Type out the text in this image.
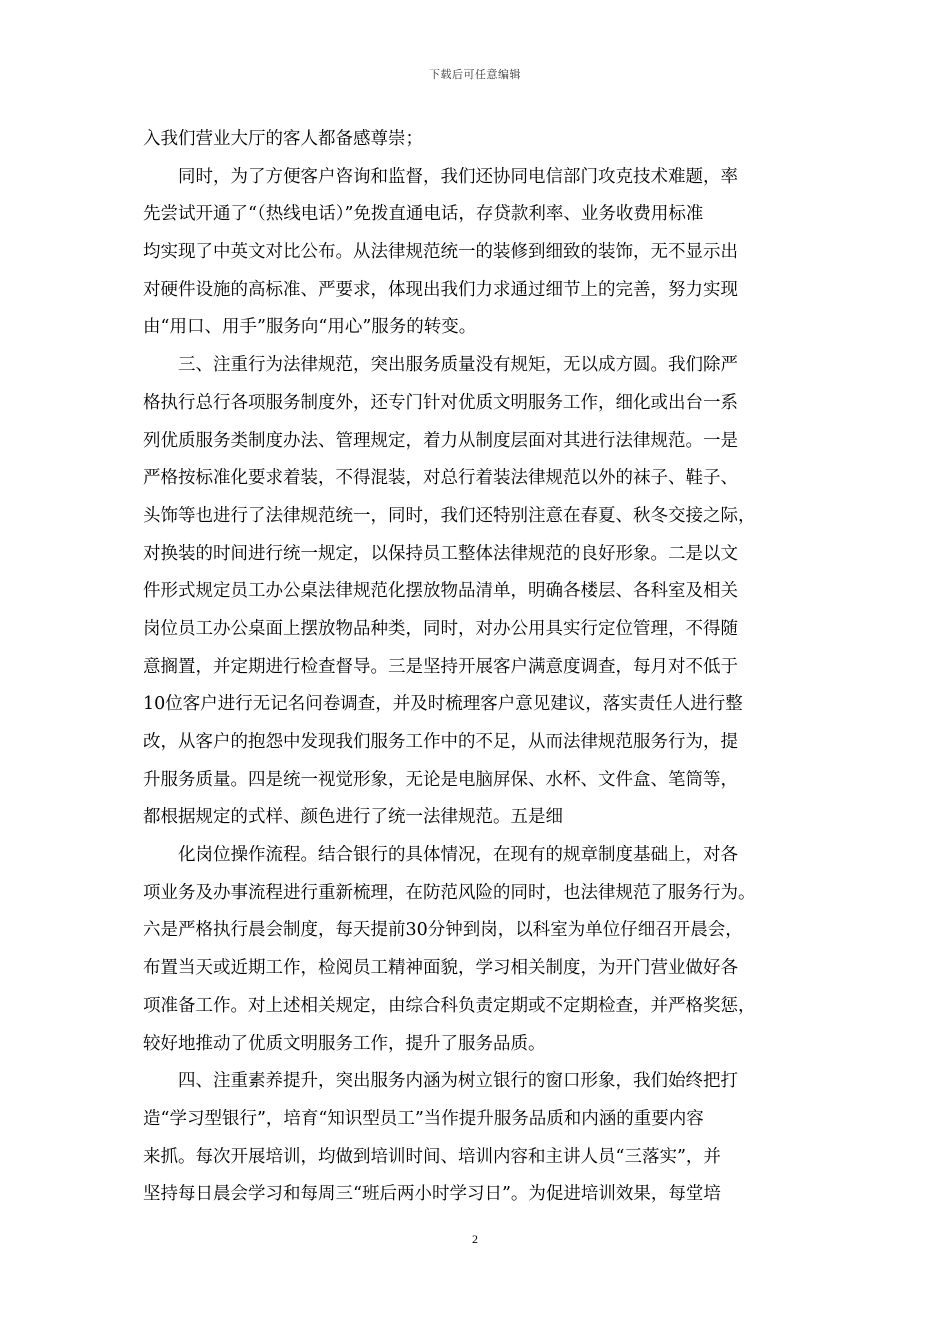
下载后可任意编辑
入我们营业大厅的客人都备感尊崇；
同时，为了方便客户咨询和监督，我们还协同电信部门攻克技术难题，率
先尝试开通了“（热线电话）”免拨直通电话，存贷款利率、业务收费用标准
均实现了中英文对比公布。从法律规范统一的装修到细致的装饰，无不显示出
对硬件设施的高标准、严要求，体现出我们力求通过细节上的完善，努力实现
由“用口、用手”服务向“用心”服务的转变。
三、注重行为法律规范，突出服务质量没有规矩，无以成方圆。我们除严
格执行总行各项服务制度外，还专门针对优质文明服务工作，细化或出台一系
列优质服务类制度办法、管理规定，着力从制度层面对其进行法律规范。一是
严格按标准化要求着装，不得混装，对总行着装法律规范以外的袜子、鞋子、
头饰等也进行了法律规范统一，同时，我们还特别注意在春夏、秋冬交接之际，
对换装的时间进行统一规定，以保持员工整体法律规范的良好形象。二是以文
件形式规定员工办公桌法律规范化摆放物品清单，明确各楼层、各科室及相关
岗位员工办公桌面上摆放物品种类，同时，对办公用具实行定位管理，不得随
意搁置，并定期进行检查督导。三是坚持开展客户满意度调查，每月对不低于
10位客户进行无记名问卷调查，并及时梳理客户意见建议，落实责任人进行整
改，从客户的抱怨中发现我们服务工作中的不足，从而法律规范服务行为，提
升服务质量。四是统一视觉形象，无论是电脑屏保、水杯、文件盒、笔筒等，
都根据规定的式样、颜色进行了统一法律规范。五是细
化岗位操作流程。结合银行的具体情况，在现有的规章制度基础上，对各
项业务及办事流程进行重新梳理，在防范风险的同时，也法律规范了服务行为。
六是严格执行晨会制度，每天提前30分钟到岗，以科室为单位仔细召开晨会，
布置当天或近期工作，检阅员工精神面貌，学习相关制度，为开门营业做好各
项准备工作。对上述相关规定，由综合科负责定期或不定期检查，并严格奖惩，
较好地推动了优质文明服务工作，提升了服务品质。
四、注重素养提升，突出服务内涵为树立银行的窗口形象，我们始终把打
造“学习型银行”，培育“知识型员工”当作提升服务品质和内涵的重要内容
来抓。每次开展培训，均做到培训时间、培训内容和主讲人员“三落实”，并
坚持每日晨会学习和每周三“班后两小时学习日”。为促进培训效果，每堂培
2
